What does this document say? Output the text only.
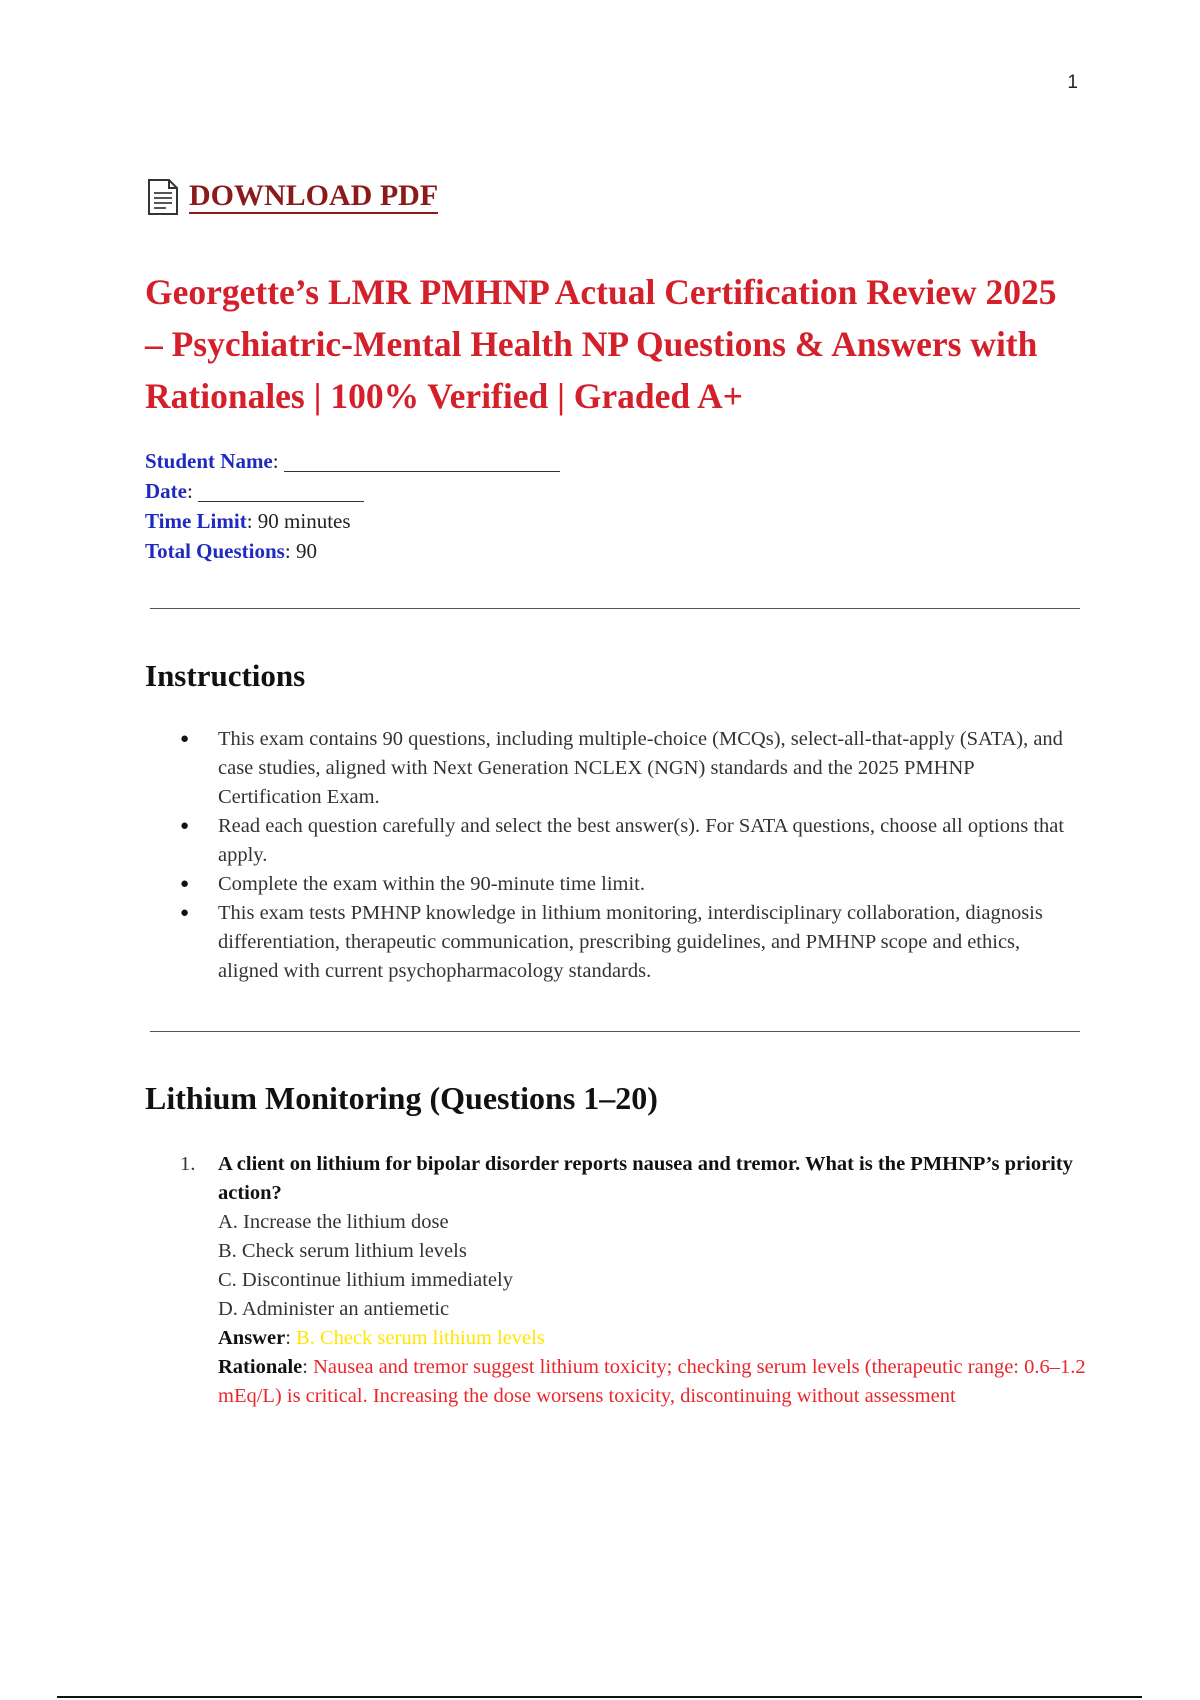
1
DOWNLOAD PDF
Georgette’s LMR PMHNP Actual Certification Review 2025 – Psychiatric-Mental Health NP Questions & Answers with Rationales | 100% Verified | Graded A+
Student Name:
Date:
Time Limit: 90 minutes
Total Questions: 90
Instructions
● This exam contains 90 questions, including multiple-choice (MCQs), select-all-that-apply (SATA), and case studies, aligned with Next Generation NCLEX (NGN) standards and the 2025 PMHNP Certification Exam.
● Read each question carefully and select the best answer(s). For SATA questions, choose all options that apply.
● Complete the exam within the 90-minute time limit.
● This exam tests PMHNP knowledge in lithium monitoring, interdisciplinary collaboration, diagnosis differentiation, therapeutic communication, prescribing guidelines, and PMHNP scope and ethics, aligned with current psychopharmacology standards.
Lithium Monitoring (Questions 1–20)
1. A client on lithium for bipolar disorder reports nausea and tremor. What is the PMHNP’s priority action?
A. Increase the lithium dose
B. Check serum lithium levels
C. Discontinue lithium immediately
D. Administer an antiemetic
Answer: B. Check serum lithium levels
Rationale: Nausea and tremor suggest lithium toxicity; checking serum levels (therapeutic range: 0.6–1.2 mEq/L) is critical. Increasing the dose worsens toxicity, discontinuing without assessment
